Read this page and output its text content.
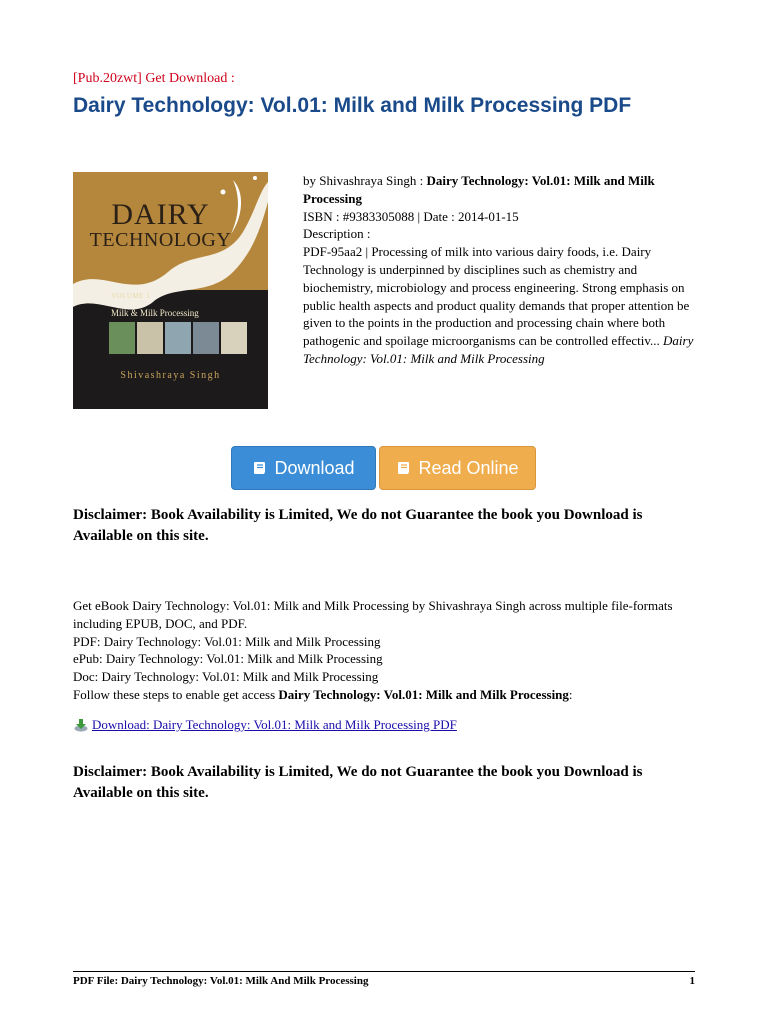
[Pub.20zwt] Get Download :
Dairy Technology: Vol.01: Milk and Milk Processing PDF
DAIRY
TECHNOLOGY
VOLUME 1
Milk & Milk Processing
Shivashraya Singh

by Shivashraya Singh : Dairy Technology: Vol.01: Milk and Milk Processing

ISBN : #9383305088 | Date : 2014-01-15

Description :

PDF-95aa2 | Processing of milk into various dairy foods, i.e. Dairy Technology is underpinned by disciplines such as chemistry and biochemistry, microbiology and process engineering. Strong emphasis on public health aspects and product quality demands that proper attention be given to the points in the production and processing chain where both pathogenic and spoilage microorganisms can be controlled effectiv... Dairy Technology: Vol.01: Milk and Milk Processing

Download	Read Online
Disclaimer: Book Availability is Limited, We do not Guarantee the book you Download is Available on this site.

Get eBook Dairy Technology: Vol.01: Milk and Milk Processing by Shivashraya Singh across multiple file-formats including EPUB, DOC, and PDF.

PDF: Dairy Technology: Vol.01: Milk and Milk Processing

ePub: Dairy Technology: Vol.01: Milk and Milk Processing

Doc: Dairy Technology: Vol.01: Milk and Milk Processing

Follow these steps to enable get access Dairy Technology: Vol.01: Milk and Milk Processing:

Download: Dairy Technology: Vol.01: Milk and Milk Processing PDF
Disclaimer: Book Availability is Limited, We do not Guarantee the book you Download is Available on this site.
PDF File: Dairy Technology: Vol.01: Milk And Milk Processing	1
